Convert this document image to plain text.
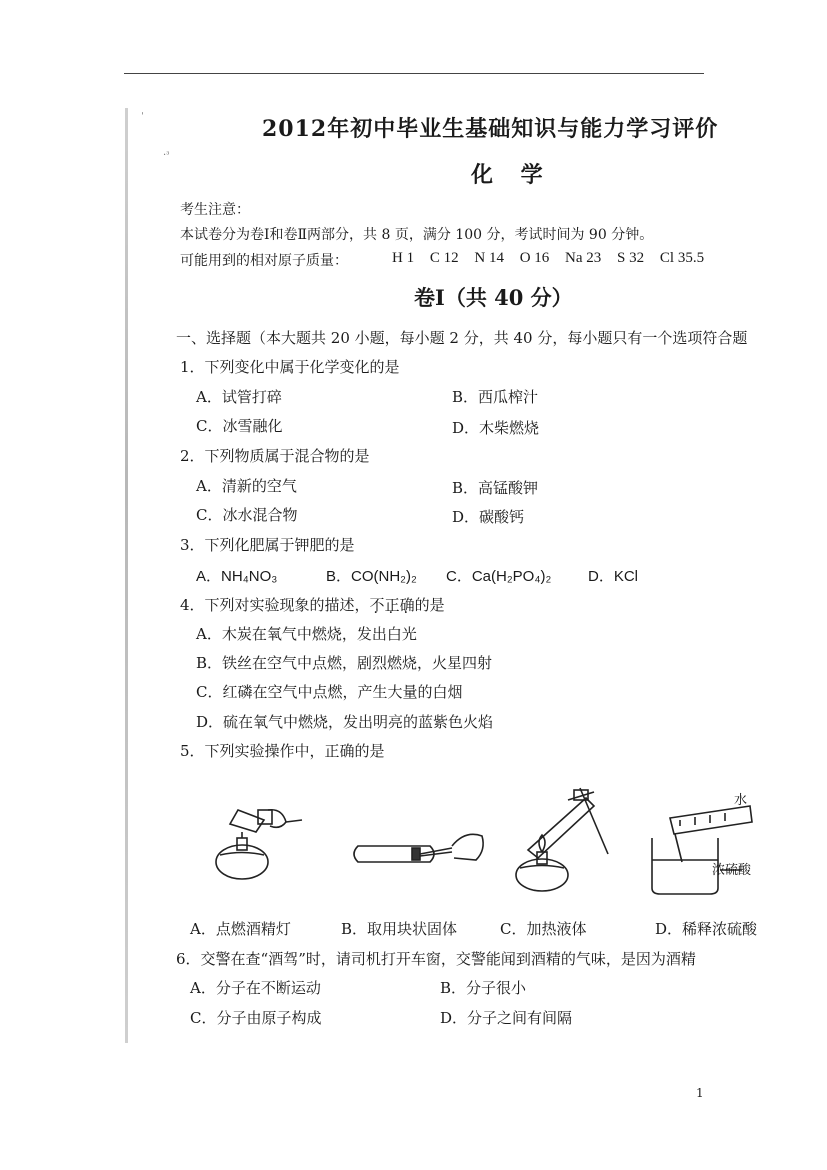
ˈ
·ᶟ
2012年初中毕业生基础知识与能力学习评价
化 学
考生注意：
本试卷分为卷Ⅰ和卷Ⅱ两部分，共 8 页，满分 100 分，考试时间为 90 分钟。
可能用到的相对原子质量：	H 1 C 12 N 14 O 16 Na 23 S 32 Cl 35.5
卷Ⅰ（共 40 分）
一、选择题（本大题共 20 小题，每小题 2 分，共 40 分，每小题只有一个选项符合题
1．下列变化中属于化学变化的是
A．试管打碎	B．西瓜榨汁
C．冰雪融化	D．木柴燃烧
2．下列物质属于混合物的是
A．清新的空气	B．高锰酸钾
C．冰水混合物	D．碳酸钙
3．下列化肥属于钾肥的是
A．NH₄NO₃	B．CO(NH₂)₂ C．Ca(H₂PO₄)₂ D．KCl
4．下列对实验现象的描述，不正确的是
A．木炭在氧气中燃烧，发出白光
B．铁丝在空气中点燃，剧烈燃烧，火星四射
C．红磷在空气中点燃，产生大量的白烟
D．硫在氧气中燃烧，发出明亮的蓝紫色火焰
5．下列实验操作中，正确的是
水
浓硫酸
A．点燃酒精灯	B．取用块状固体	C．加热液体	D．稀释浓硫酸
6．交警在查“酒驾”时，请司机打开车窗，交警能闻到酒精的气味，是因为酒精
A．分子在不断运动	B．分子很小
C．分子由原子构成	D．分子之间有间隔
1
